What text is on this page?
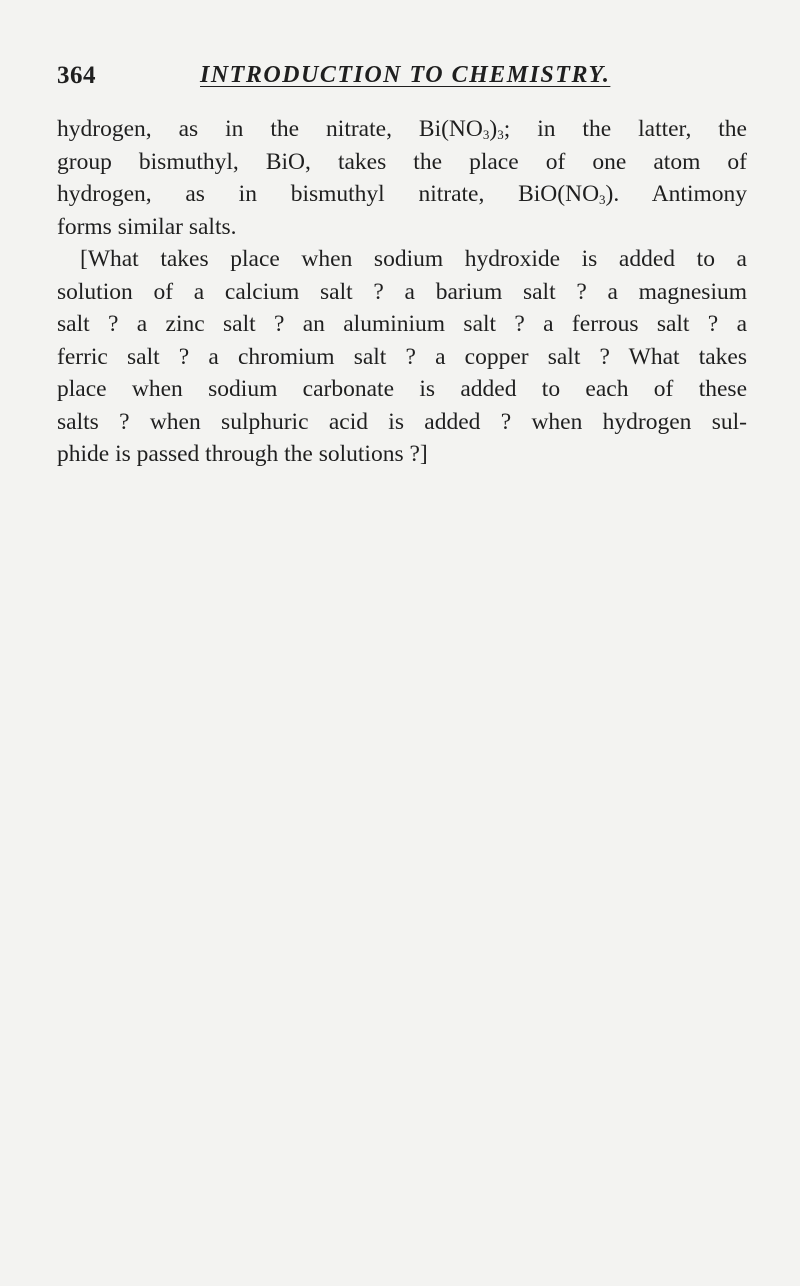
364	INTRODUCTION TO CHEMISTRY.
hydrogen, as in the nitrate, $Bi(NO_3)_3$; in the latter, the
group bismuthyl, BiO, takes the place of one atom of
hydrogen, as in bismuthyl nitrate, $BiO(NO_3)$. Antimony
forms similar salts.
[What takes place when sodium hydroxide is added to a
solution of a calcium salt ? a barium salt ? a magnesium
salt ? a zinc salt ? an aluminium salt ? a ferrous salt ? a
ferric salt ? a chromium salt ? a copper salt ? What takes
place when sodium carbonate is added to each of these
salts ? when sulphuric acid is added ? when hydrogen sul-
phide is passed through the solutions ?]
